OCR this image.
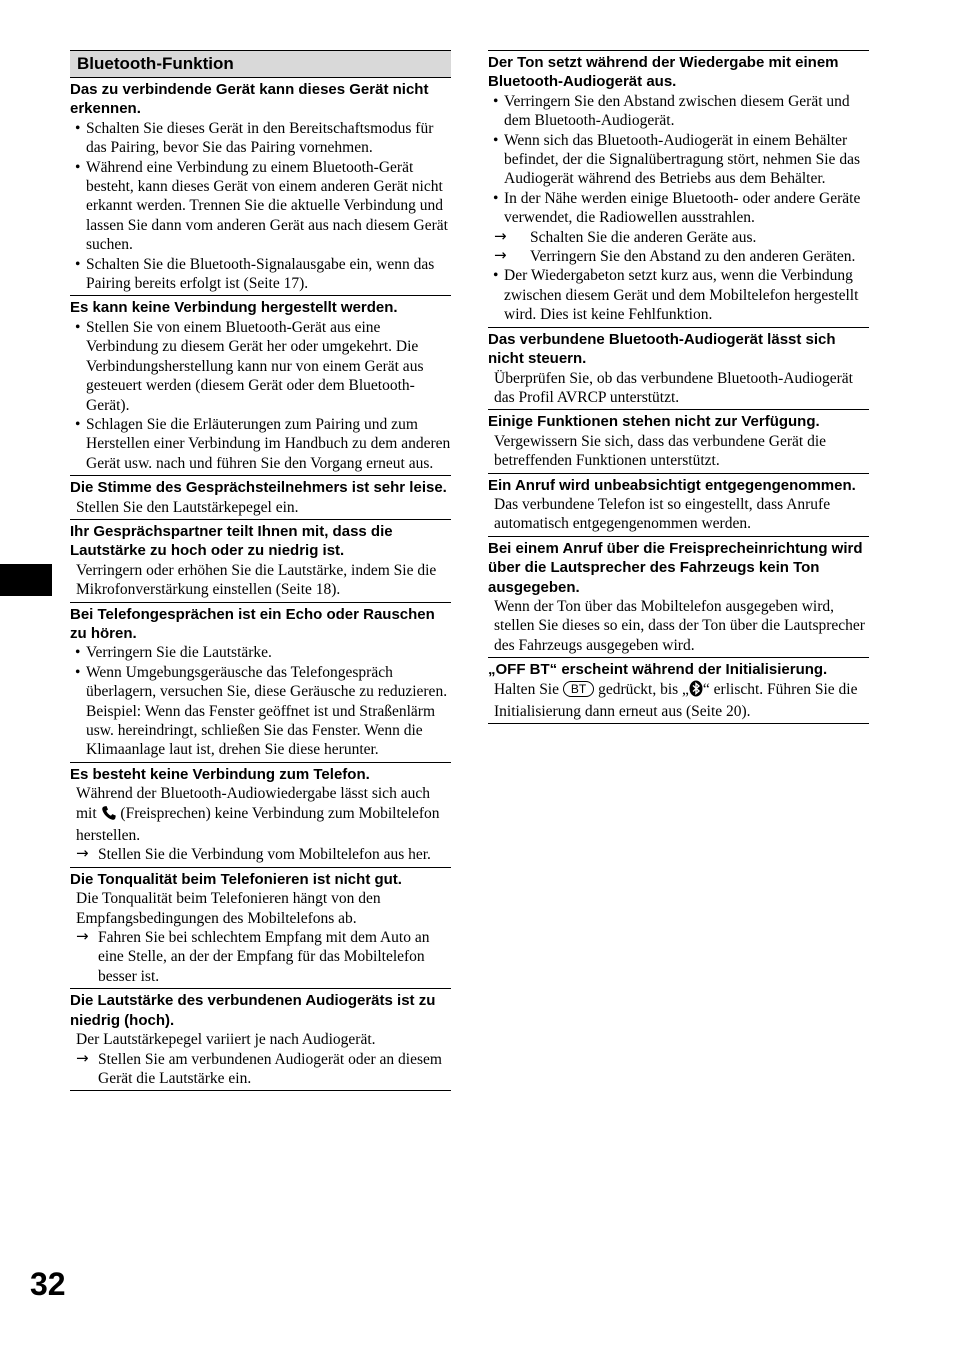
Bluetooth-Funktion

Das zu verbindende Gerät kann dieses Gerät nicht erkennen.

• Schalten Sie dieses Gerät in den Bereitschaftsmodus für das Pairing, bevor Sie das Pairing vornehmen.

• Während eine Verbindung zu einem Bluetooth-Gerät besteht, kann dieses Gerät von einem anderen Gerät nicht erkannt werden. Trennen Sie die aktuelle Verbindung und lassen Sie dann vom anderen Gerät aus nach diesem Gerät suchen.

• Schalten Sie die Bluetooth-Signalausgabe ein, wenn das Pairing bereits erfolgt ist (Seite 17).

Es kann keine Verbindung hergestellt werden.

• Stellen Sie von einem Bluetooth-Gerät aus eine Verbindung zu diesem Gerät her oder umgekehrt. Die Verbindungsherstellung kann nur von einem Gerät aus gesteuert werden (diesem Gerät oder dem Bluetooth-Gerät).

• Schlagen Sie die Erläuterungen zum Pairing und zum Herstellen einer Verbindung im Handbuch zu dem anderen Gerät usw. nach und führen Sie den Vorgang erneut aus.

Die Stimme des Gesprächsteilnehmers ist sehr leise.

Stellen Sie den Lautstärkepegel ein.

Ihr Gesprächspartner teilt Ihnen mit, dass die Lautstärke zu hoch oder zu niedrig ist.

Verringern oder erhöhen Sie die Lautstärke, indem Sie die Mikrofonverstärkung einstellen (Seite 18).

Bei Telefongesprächen ist ein Echo oder Rauschen zu hören.

• Verringern Sie die Lautstärke.

• Wenn Umgebungsgeräusche das Telefongespräch überlagern, versuchen Sie, diese Geräusche zu reduzieren.

Beispiel: Wenn das Fenster geöffnet ist und Straßenlärm usw. hereindringt, schließen Sie das Fenster. Wenn die Klimaanlage laut ist, drehen Sie diese herunter.

Es besteht keine Verbindung zum Telefon.

Während der Bluetooth-Audiowiedergabe lässt sich auch mit (Freisprechen) keine Verbindung zum Mobiltelefon herstellen.

→ Stellen Sie die Verbindung vom Mobiltelefon aus her.

Die Tonqualität beim Telefonieren ist nicht gut.

Die Tonqualität beim Telefonieren hängt von den Empfangsbedingungen des Mobiltelefons ab.

→ Fahren Sie bei schlechtem Empfang mit dem Auto an eine Stelle, an der der Empfang für das Mobiltelefon besser ist.

Die Lautstärke des verbundenen Audiogeräts ist zu niedrig (hoch).

Der Lautstärkepegel variiert je nach Audiogerät.

→ Stellen Sie am verbundenen Audiogerät oder an diesem Gerät die Lautstärke ein.

Der Ton setzt während der Wiedergabe mit einem Bluetooth-Audiogerät aus.

• Verringern Sie den Abstand zwischen diesem Gerät und dem Bluetooth-Audiogerät.

• Wenn sich das Bluetooth-Audiogerät in einem Behälter befindet, der die Signalübertragung stört, nehmen Sie das Audiogerät während des Betriebs aus dem Behälter.

• In der Nähe werden einige Bluetooth- oder andere Geräte verwendet, die Radiowellen ausstrahlen.

→ Schalten Sie die anderen Geräte aus.

→ Verringern Sie den Abstand zu den anderen Geräten.

• Der Wiedergabeton setzt kurz aus, wenn die Verbindung zwischen diesem Gerät und dem Mobiltelefon hergestellt wird. Dies ist keine Fehlfunktion.

Das verbundene Bluetooth-Audiogerät lässt sich nicht steuern.

Überprüfen Sie, ob das verbundene Bluetooth-Audiogerät das Profil AVRCP unterstützt.

Einige Funktionen stehen nicht zur Verfügung.

Vergewissern Sie sich, dass das verbundene Gerät die betreffenden Funktionen unterstützt.

Ein Anruf wird unbeabsichtigt entgegengenommen.

Das verbundene Telefon ist so eingestellt, dass Anrufe automatisch entgegengenommen werden.

Bei einem Anruf über die Freisprecheinrichtung wird über die Lautsprecher des Fahrzeugs kein Ton ausgegeben.

Wenn der Ton über das Mobiltelefon ausgegeben wird, stellen Sie dieses so ein, dass der Ton über die Lautsprecher des Fahrzeugs ausgegeben wird.

„OFF BT“ erscheint während der Initialisierung.

Halten Sie BT gedrückt, bis „ “ erlischt. Führen Sie die Initialisierung dann erneut aus (Seite 20).

32
